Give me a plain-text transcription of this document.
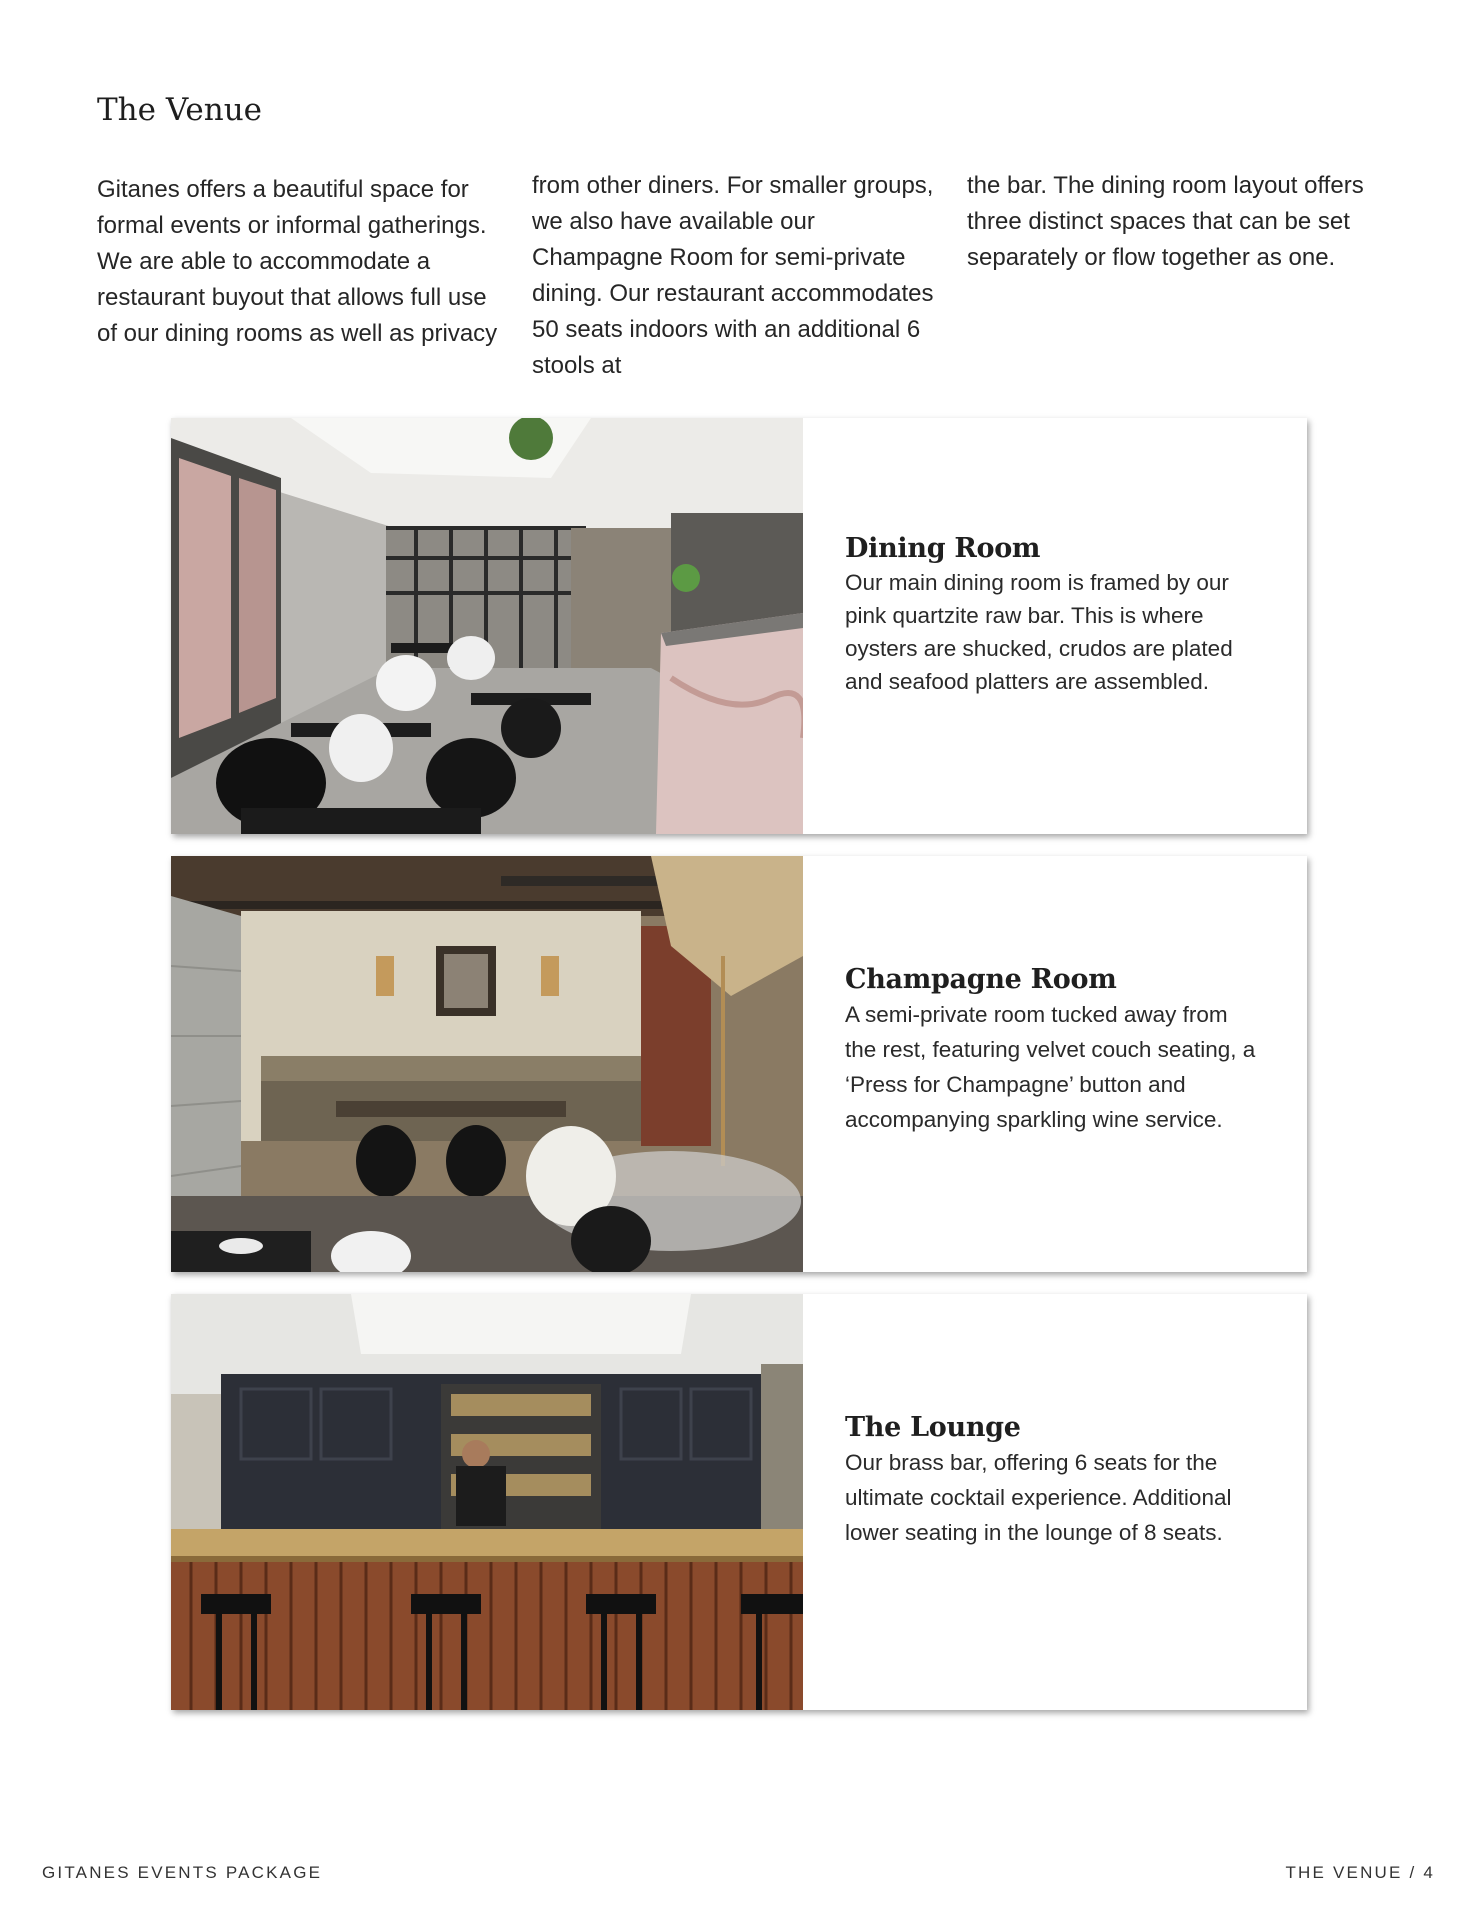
The Venue
Gitanes offers a beautiful space for formal events or informal gatherings. We are able to accommodate a restaurant buyout that allows full use of our dining rooms as well as privacy
from other diners. For smaller groups, we also have available our Champagne Room for semi-private dining. Our restaurant accommodates 50 seats indoors with an additional 6 stools at
the bar. The dining room layout offers three distinct spaces that can be set separately or flow together as one.
Dining Room

Our main dining room is framed by our pink quartzite raw bar. This is where oysters are shucked, crudos are plated and seafood platters are assembled.

Champagne Room

A semi-private room tucked away from the rest, featuring velvet couch seating, a ‘Press for Champagne’ button and accompanying sparkling wine service.

The Lounge

Our brass bar, offering 6 seats for the ultimate cocktail experience. Additional lower seating in the lounge of 8 seats.

GITANES EVENTS PACKAGE	THE VENUE / 4
